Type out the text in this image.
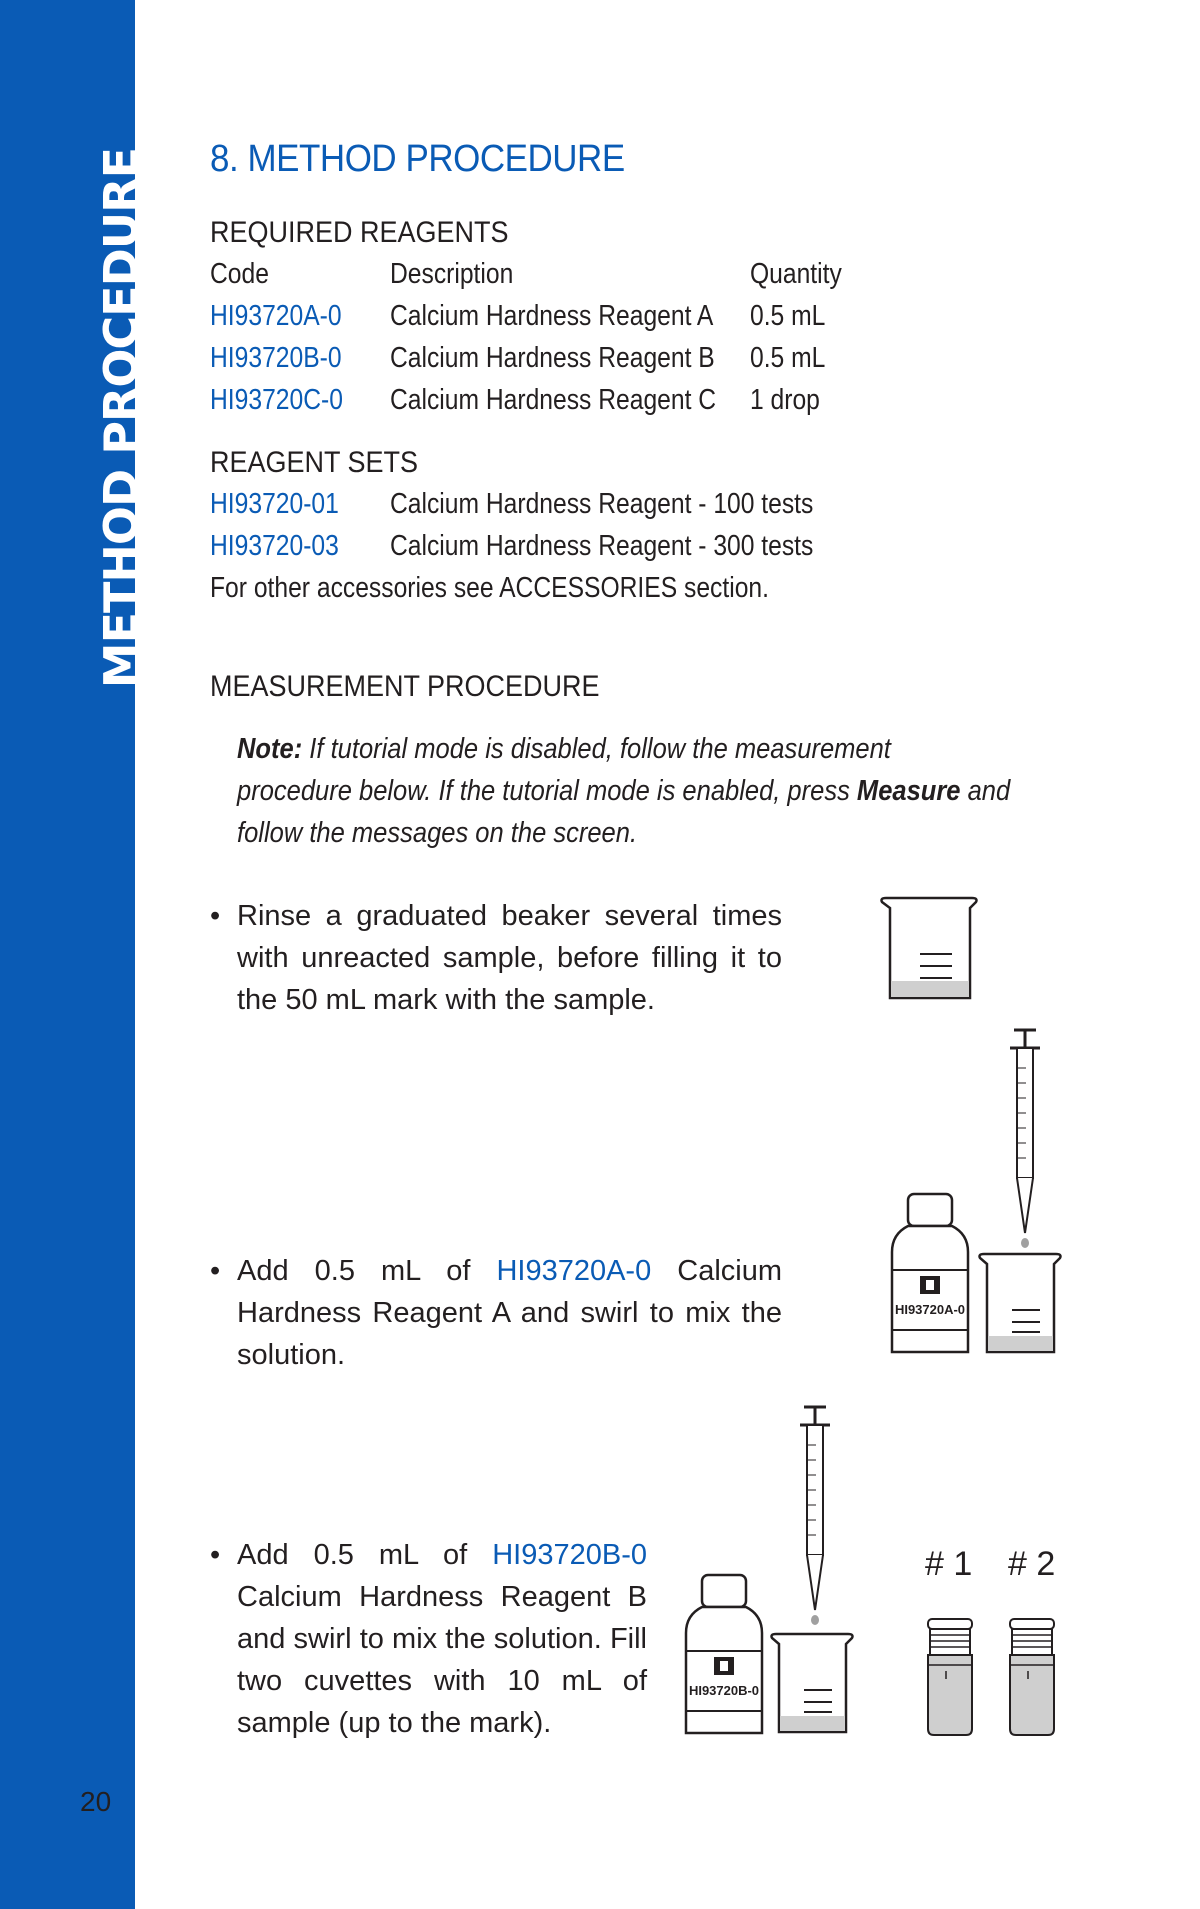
METHOD PROCEDURE
20
8. METHOD PROCEDURE
REQUIRED REAGENTS
Code	Description	Quantity
HI93720A-0 Calcium Hardness Reagent A 0.5 mL
HI93720B-0 Calcium Hardness Reagent B 0.5 mL
HI93720C-0 Calcium Hardness Reagent C 1 drop
REAGENT SETS
HI93720-01 Calcium Hardness Reagent - 100 tests
HI93720-03 Calcium Hardness Reagent - 300 tests
For other accessories see ACCESSORIES section.
MEASUREMENT PROCEDURE
Note: If tutorial mode is disabled, follow the measurement procedure below. If the tutorial mode is enabled, press Measure and follow the messages on the screen.
• Rinse a graduated beaker several times with unreacted sample, before filling it to the 50 mL mark with the sample.
• Add 0.5 mL of HI93720A-0 Calcium Hardness Reagent A and swirl to mix the solution.
• Add 0.5 mL of HI93720B-0 Calcium Hardness Reagent B and swirl to mix the solution. Fill two cuvettes with 10 mL of sample (up to the mark).
HI93720A-0
HI93720B-0
# 1 # 2
